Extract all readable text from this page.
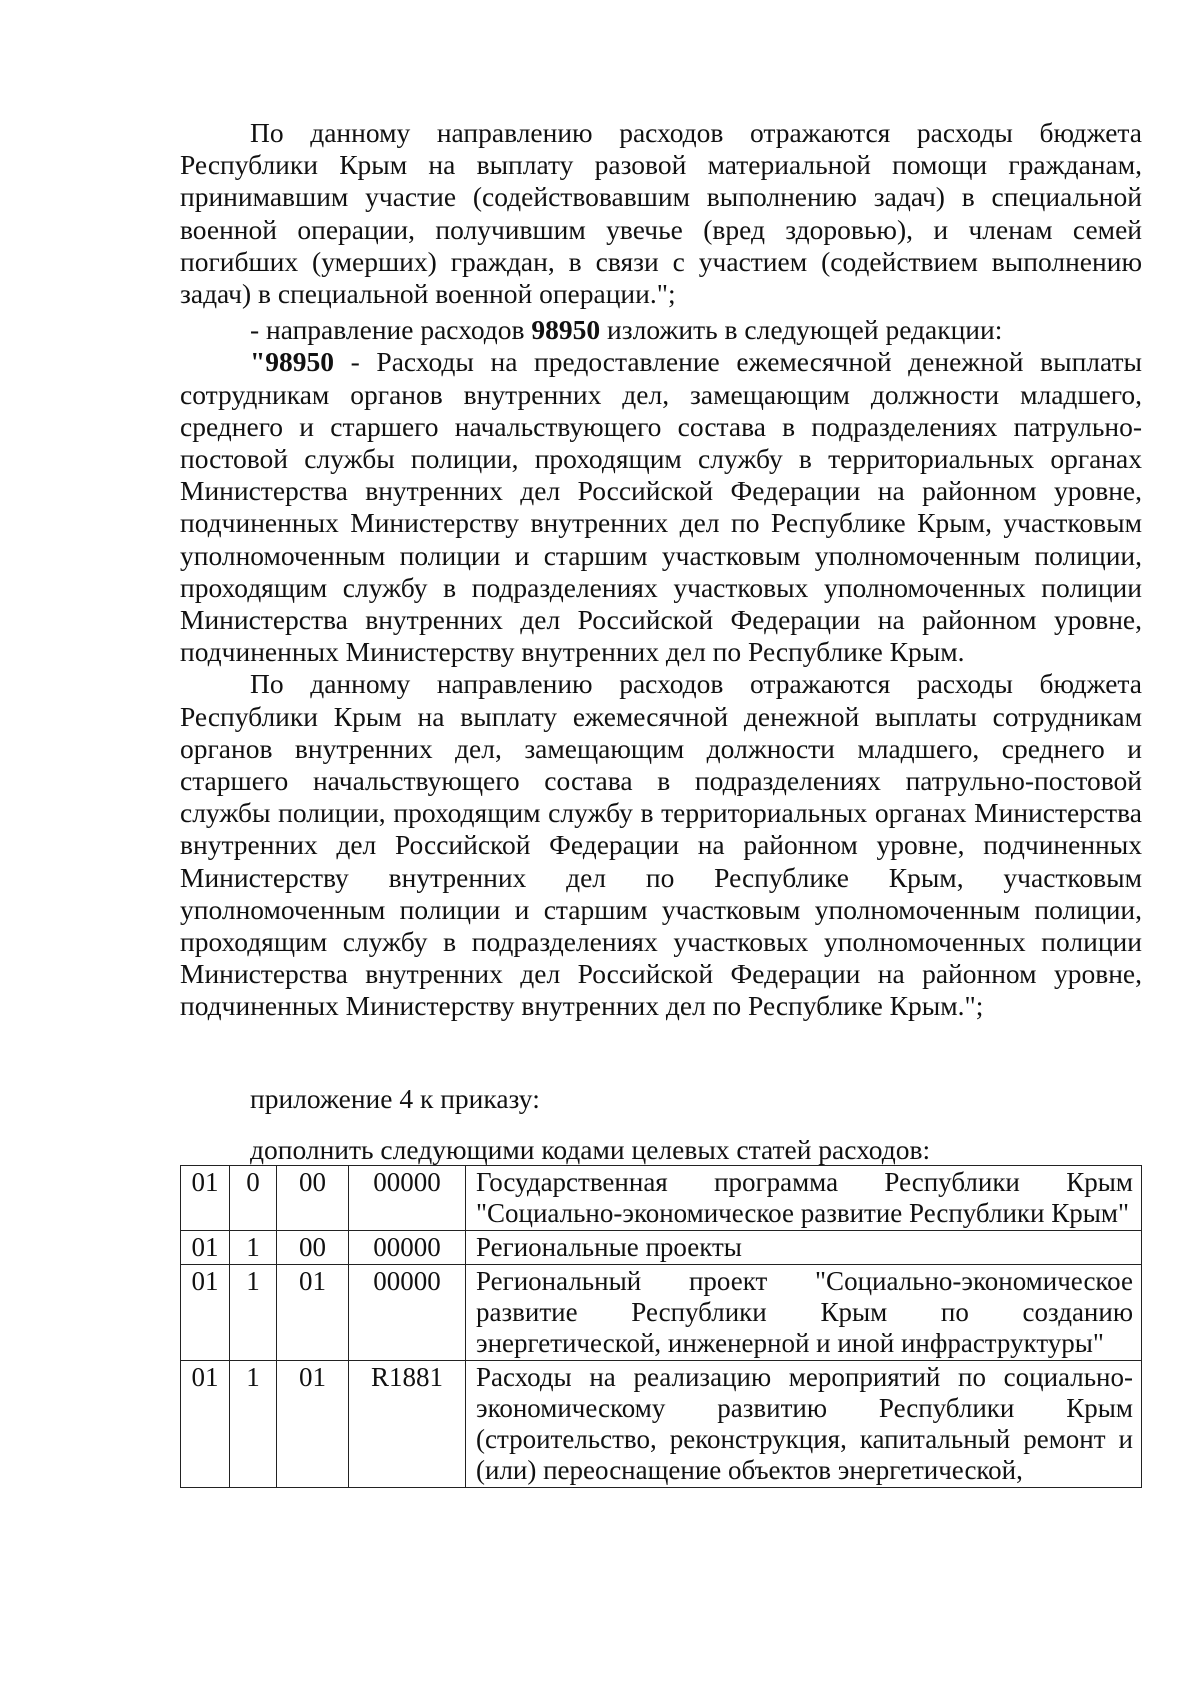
По данному направлению расходов отражаются расходы бюджета Республики Крым на выплату разовой материальной помощи гражданам, принимавшим участие (содействовавшим выполнению задач) в специальной военной операции, получившим увечье (вред здоровью), и членам семей погибших (умерших) граждан, в связи с участием (содействием выполнению задач) в специальной военной операции.";

- направление расходов 98950 изложить в следующей редакции:

"98950 - Расходы на предоставление ежемесячной денежной выплаты сотрудникам органов внутренних дел, замещающим должности младшего, среднего и старшего начальствующего состава в подразделениях патрульно-постовой службы полиции, проходящим службу в территориальных органах Министерства внутренних дел Российской Федерации на районном уровне, подчиненных Министерству внутренних дел по Республике Крым, участковым уполномоченным полиции и старшим участковым уполномоченным полиции, проходящим службу в подразделениях участковых уполномоченных полиции Министерства внутренних дел Российской Федерации на районном уровне, подчиненных Министерству внутренних дел по Республике Крым.

По данному направлению расходов отражаются расходы бюджета Республики Крым на выплату ежемесячной денежной выплаты сотрудникам органов внутренних дел, замещающим должности младшего, среднего и старшего начальствующего состава в подразделениях патрульно-постовой службы полиции, проходящим службу в территориальных органах Министерства внутренних дел Российской Федерации на районном уровне, подчиненных Министерству внутренних дел по Республике Крым, участковым уполномоченным полиции и старшим участковым уполномоченным полиции, проходящим службу в подразделениях участковых уполномоченных полиции Министерства внутренних дел Российской Федерации на районном уровне, подчиненных Министерству внутренних дел по Республике Крым.";

приложение 4 к приказу:
дополнить следующими кодами целевых статей расходов:
01	0	00	00000	Государственная программа Республики Крым "Социально-экономическое развитие Республики Крым"
01	1	00	00000	Региональные проекты
01	1	01	00000	Региональный проект "Социально-экономическое развитие Республики Крым по созданию энергетической, инженерной и иной инфраструктуры"
01	1	01	R1881	Расходы на реализацию мероприятий по социально-экономическому развитию Республики Крым (строительство, реконструкция, капитальный ремонт и (или) переоснащение объектов энергетической,
